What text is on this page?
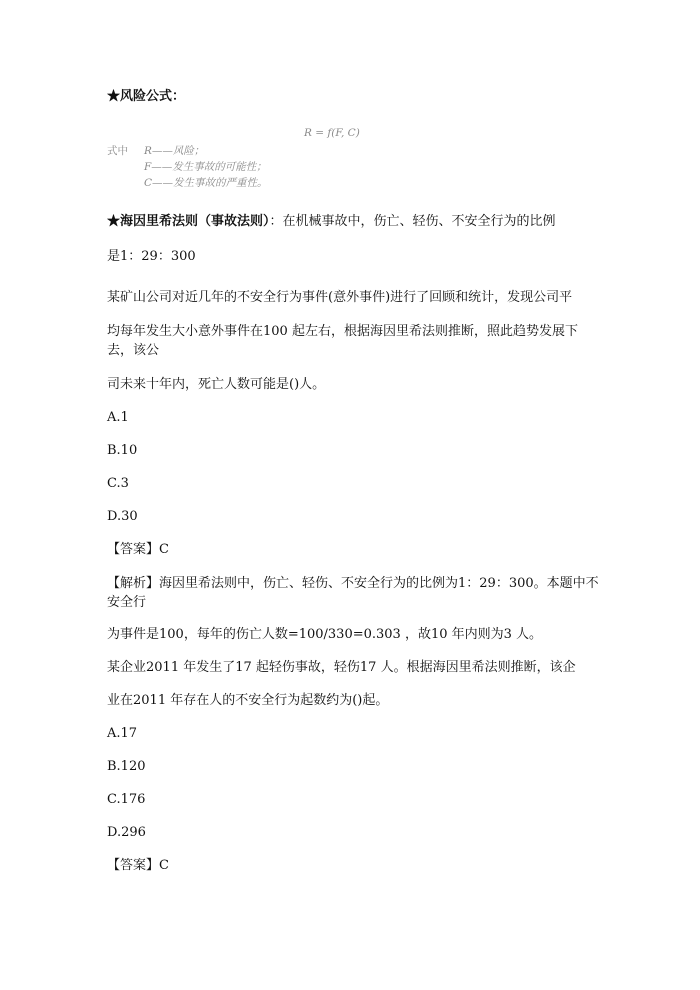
★风险公式：
R = f(F, C)
式中 R——风险；
F——发生事故的可能性；
C——发生事故的严重性。
★海因里希法则（事故法则）：在机械事故中，伤亡、轻伤、不安全行为的比例
是1：29：300
某矿山公司对近几年的不安全行为事件(意外事件)进行了回顾和统计，发现公司平
均每年发生大小意外事件在100 起左右，根据海因里希法则推断，照此趋势发展下
去，该公
司未来十年内，死亡人数可能是()人。
A.1
B.10
C.3
D.30
【答案】C
【解析】海因里希法则中，伤亡、轻伤、不安全行为的比例为1：29：300。本题中不
安全行
为事件是100，每年的伤亡人数=100/330=0.303 ，故10 年内则为3 人。
某企业2011 年发生了17 起轻伤事故，轻伤17 人。根据海因里希法则推断，该企
业在2011 年存在人的不安全行为起数约为()起。
A.17
B.120
C.176
D.296
【答案】C
